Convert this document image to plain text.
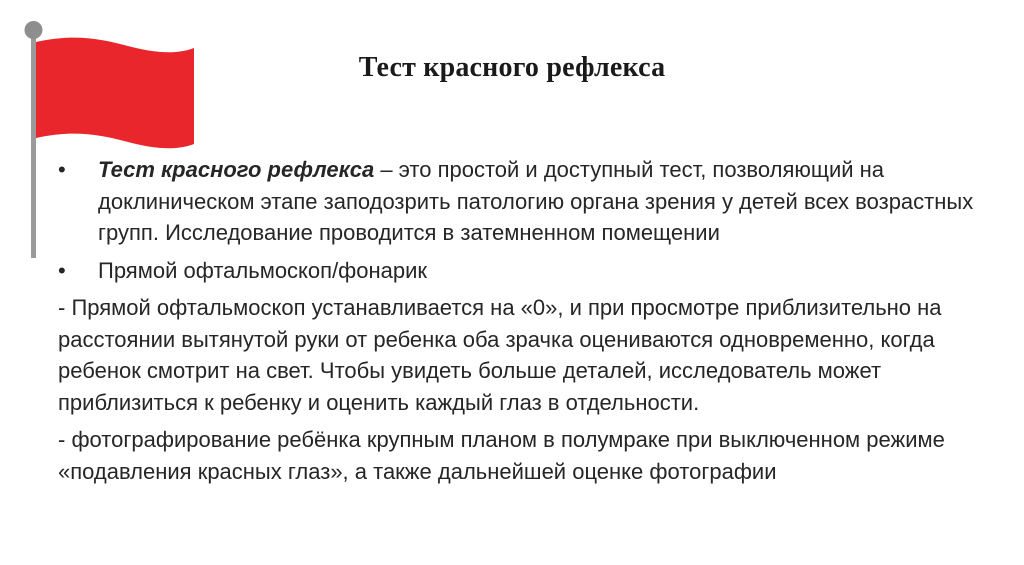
Тест красного рефлекса
• Тест красного рефлекса – это простой и доступный тест, позволяющий на доклиническом этапе заподозрить патологию органа зрения у детей всех возрастных групп. Исследование проводится в затемненном помещении
• Прямой офтальмоскоп/фонарик
- Прямой офтальмоскоп устанавливается на «0», и при просмотре приблизительно на расстоянии вытянутой руки от ребенка оба зрачка оцениваются одновременно, когда ребенок смотрит на свет. Чтобы увидеть больше деталей, исследователь может приблизиться к ребенку и оценить каждый глаз в отдельности.
- фотографирование ребёнка крупным планом в полумраке при выключенном режиме «подавления красных глаз», а также дальнейшей оценке фотографии
